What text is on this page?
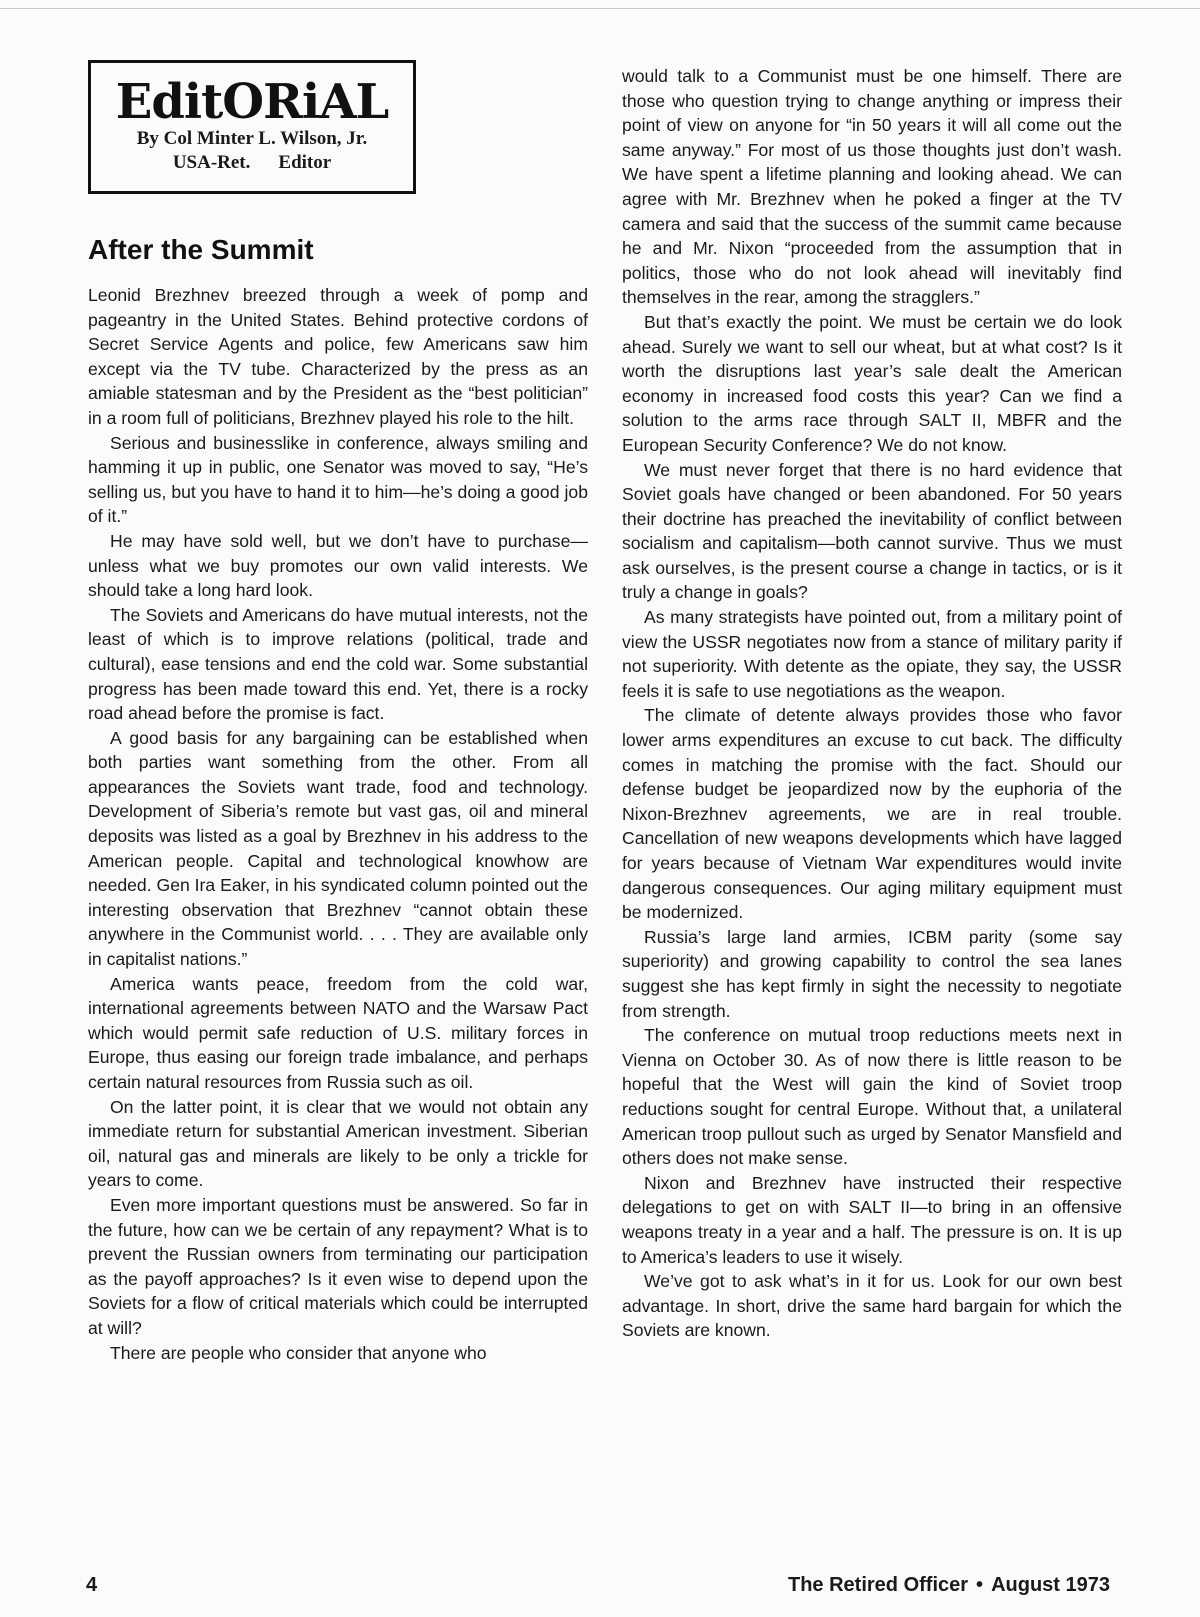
EditORiAL
By Col Minter L. Wilson, Jr.
USA-Ret. Editor
After the Summit

Leonid Brezhnev breezed through a week of pomp and pageantry in the United States. Behind protective cordons of Secret Service Agents and police, few Americans saw him except via the TV tube. Characterized by the press as an amiable statesman and by the President as the “best politician” in a room full of politicians, Brezhnev played his role to the hilt.

Serious and businesslike in conference, always smiling and hamming it up in public, one Senator was moved to say, “He’s selling us, but you have to hand it to him—he’s doing a good job of it.”

He may have sold well, but we don’t have to purchase—unless what we buy promotes our own valid interests. We should take a long hard look.

The Soviets and Americans do have mutual interests, not the least of which is to improve relations (political, trade and cultural), ease tensions and end the cold war. Some substantial progress has been made toward this end. Yet, there is a rocky road ahead before the promise is fact.

A good basis for any bargaining can be established when both parties want something from the other. From all appearances the Soviets want trade, food and technology. Development of Siberia’s remote but vast gas, oil and mineral deposits was listed as a goal by Brezhnev in his address to the American people. Capital and technological knowhow are needed. Gen Ira Eaker, in his syndicated column pointed out the interesting observation that Brezhnev “cannot obtain these anywhere in the Communist world. . . . They are available only in capitalist nations.”

America wants peace, freedom from the cold war, international agreements between NATO and the Warsaw Pact which would permit safe reduction of U.S. military forces in Europe, thus easing our foreign trade imbalance, and perhaps certain natural resources from Russia such as oil.

On the latter point, it is clear that we would not obtain any immediate return for substantial American investment. Siberian oil, natural gas and minerals are likely to be only a trickle for years to come.

Even more important questions must be answered. So far in the future, how can we be certain of any repayment? What is to prevent the Russian owners from terminating our participation as the payoff approaches? Is it even wise to depend upon the Soviets for a flow of critical materials which could be interrupted at will?

There are people who consider that anyone who

would talk to a Communist must be one himself. There are those who question trying to change anything or impress their point of view on anyone for “in 50 years it will all come out the same anyway.” For most of us those thoughts just don’t wash. We have spent a lifetime planning and looking ahead. We can agree with Mr. Brezhnev when he poked a finger at the TV camera and said that the success of the summit came because he and Mr. Nixon “proceeded from the assumption that in politics, those who do not look ahead will inevitably find themselves in the rear, among the stragglers.”

But that’s exactly the point. We must be certain we do look ahead. Surely we want to sell our wheat, but at what cost? Is it worth the disruptions last year’s sale dealt the American economy in increased food costs this year? Can we find a solution to the arms race through SALT II, MBFR and the European Security Conference? We do not know.

We must never forget that there is no hard evidence that Soviet goals have changed or been abandoned. For 50 years their doctrine has preached the inevitability of conflict between socialism and capitalism—both cannot survive. Thus we must ask ourselves, is the present course a change in tactics, or is it truly a change in goals?

As many strategists have pointed out, from a military point of view the USSR negotiates now from a stance of military parity if not superiority. With detente as the opiate, they say, the USSR feels it is safe to use negotiations as the weapon.

The climate of detente always provides those who favor lower arms expenditures an excuse to cut back. The difficulty comes in matching the promise with the fact. Should our defense budget be jeopardized now by the euphoria of the Nixon-Brezhnev agreements, we are in real trouble. Cancellation of new weapons developments which have lagged for years because of Vietnam War expenditures would invite dangerous consequences. Our aging military equipment must be modernized.

Russia’s large land armies, ICBM parity (some say superiority) and growing capability to control the sea lanes suggest she has kept firmly in sight the necessity to negotiate from strength.

The conference on mutual troop reductions meets next in Vienna on October 30. As of now there is little reason to be hopeful that the West will gain the kind of Soviet troop reductions sought for central Europe. Without that, a unilateral American troop pullout such as urged by Senator Mansfield and others does not make sense.

Nixon and Brezhnev have instructed their respective delegations to get on with SALT II—to bring in an offensive weapons treaty in a year and a half. The pressure is on. It is up to America’s leaders to use it wisely.

We’ve got to ask what’s in it for us. Look for our own best advantage. In short, drive the same hard bargain for which the Soviets are known.

4	The Retired Officer • August 1973
